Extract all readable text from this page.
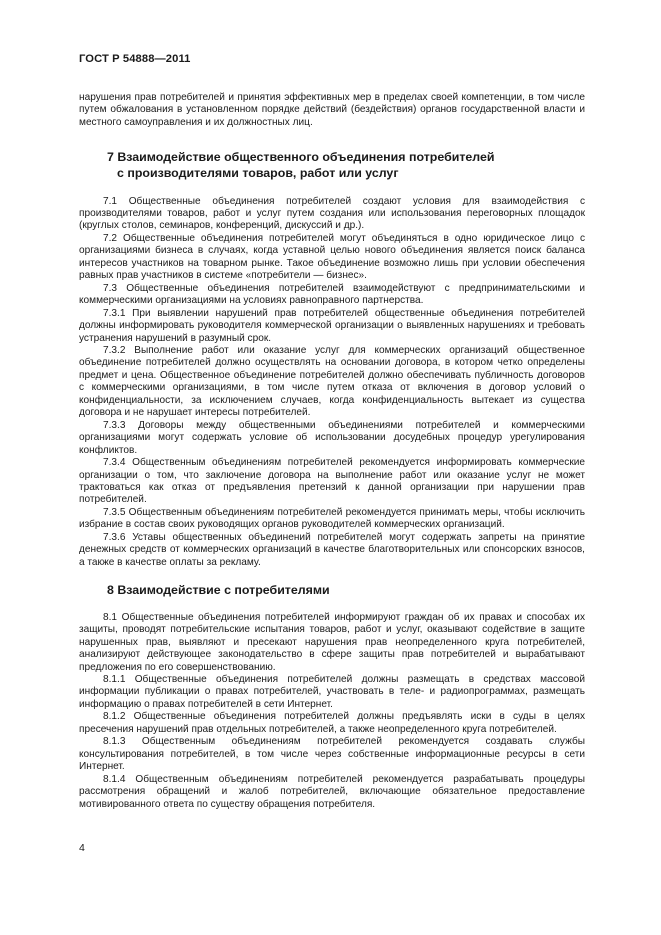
ГОСТ Р 54888—2011

нарушения прав потребителей и принятия эффективных мер в пределах своей компетенции, в том числе путем обжалования в установленном порядке действий (бездействия) органов государственной власти и местного самоуправления и их должностных лиц.

7 Взаимодействие общественного объединения потребителей
с производителями товаров, работ или услуг

7.1 Общественные объединения потребителей создают условия для взаимодействия с производителями товаров, работ и услуг путем создания или использования переговорных площадок (круглых столов, семинаров, конференций, дискуссий и др.).

7.2 Общественные объединения потребителей могут объединяться в одно юридическое лицо с организациями бизнеса в случаях, когда уставной целью нового объединения является поиск баланса интересов участников на товарном рынке. Такое объединение возможно лишь при условии обеспечения равных прав участников в системе «потребители — бизнес».

7.3 Общественные объединения потребителей взаимодействуют с предпринимательскими и коммерческими организациями на условиях равноправного партнерства.

7.3.1 При выявлении нарушений прав потребителей общественные объединения потребителей должны информировать руководителя коммерческой организации о выявленных нарушениях и требовать устранения нарушений в разумный срок.

7.3.2 Выполнение работ или оказание услуг для коммерческих организаций общественное объединение потребителей должно осуществлять на основании договора, в котором четко определены предмет и цена. Общественное объединение потребителей должно обеспечивать публичность договоров с коммерческими организациями, в том числе путем отказа от включения в договор условий о конфиденциальности, за исключением случаев, когда конфиденциальность вытекает из существа договора и не нарушает интересы потребителей.

7.3.3 Договоры между общественными объединениями потребителей и коммерческими организациями могут содержать условие об использовании досудебных процедур урегулирования конфликтов.

7.3.4 Общественным объединениям потребителей рекомендуется информировать коммерческие организации о том, что заключение договора на выполнение работ или оказание услуг не может трактоваться как отказ от предъявления претензий к данной организации при нарушении прав потребителей.

7.3.5 Общественным объединениям потребителей рекомендуется принимать меры, чтобы исключить избрание в состав своих руководящих органов руководителей коммерческих организаций.

7.3.6 Уставы общественных объединений потребителей могут содержать запреты на принятие денежных средств от коммерческих организаций в качестве благотворительных или спонсорских взносов, а также в качестве оплаты за рекламу.

8 Взаимодействие с потребителями

8.1 Общественные объединения потребителей информируют граждан об их правах и способах их защиты, проводят потребительские испытания товаров, работ и услуг, оказывают содействие в защите нарушенных прав, выявляют и пресекают нарушения прав неопределенного круга потребителей, анализируют действующее законодательство в сфере защиты прав потребителей и вырабатывают предложения по его совершенствованию.

8.1.1 Общественные объединения потребителей должны размещать в средствах массовой информации публикации о правах потребителей, участвовать в теле- и радиопрограммах, размещать информацию о правах потребителей в сети Интернет.

8.1.2 Общественные объединения потребителей должны предъявлять иски в суды в целях пресечения нарушений прав отдельных потребителей, а также неопределенного круга потребителей.

8.1.3 Общественным объединениям потребителей рекомендуется создавать службы консультирования потребителей, в том числе через собственные информационные ресурсы в сети Интернет.

8.1.4 Общественным объединениям потребителей рекомендуется разрабатывать процедуры рассмотрения обращений и жалоб потребителей, включающие обязательное предоставление мотивированного ответа по существу обращения потребителя.

4
